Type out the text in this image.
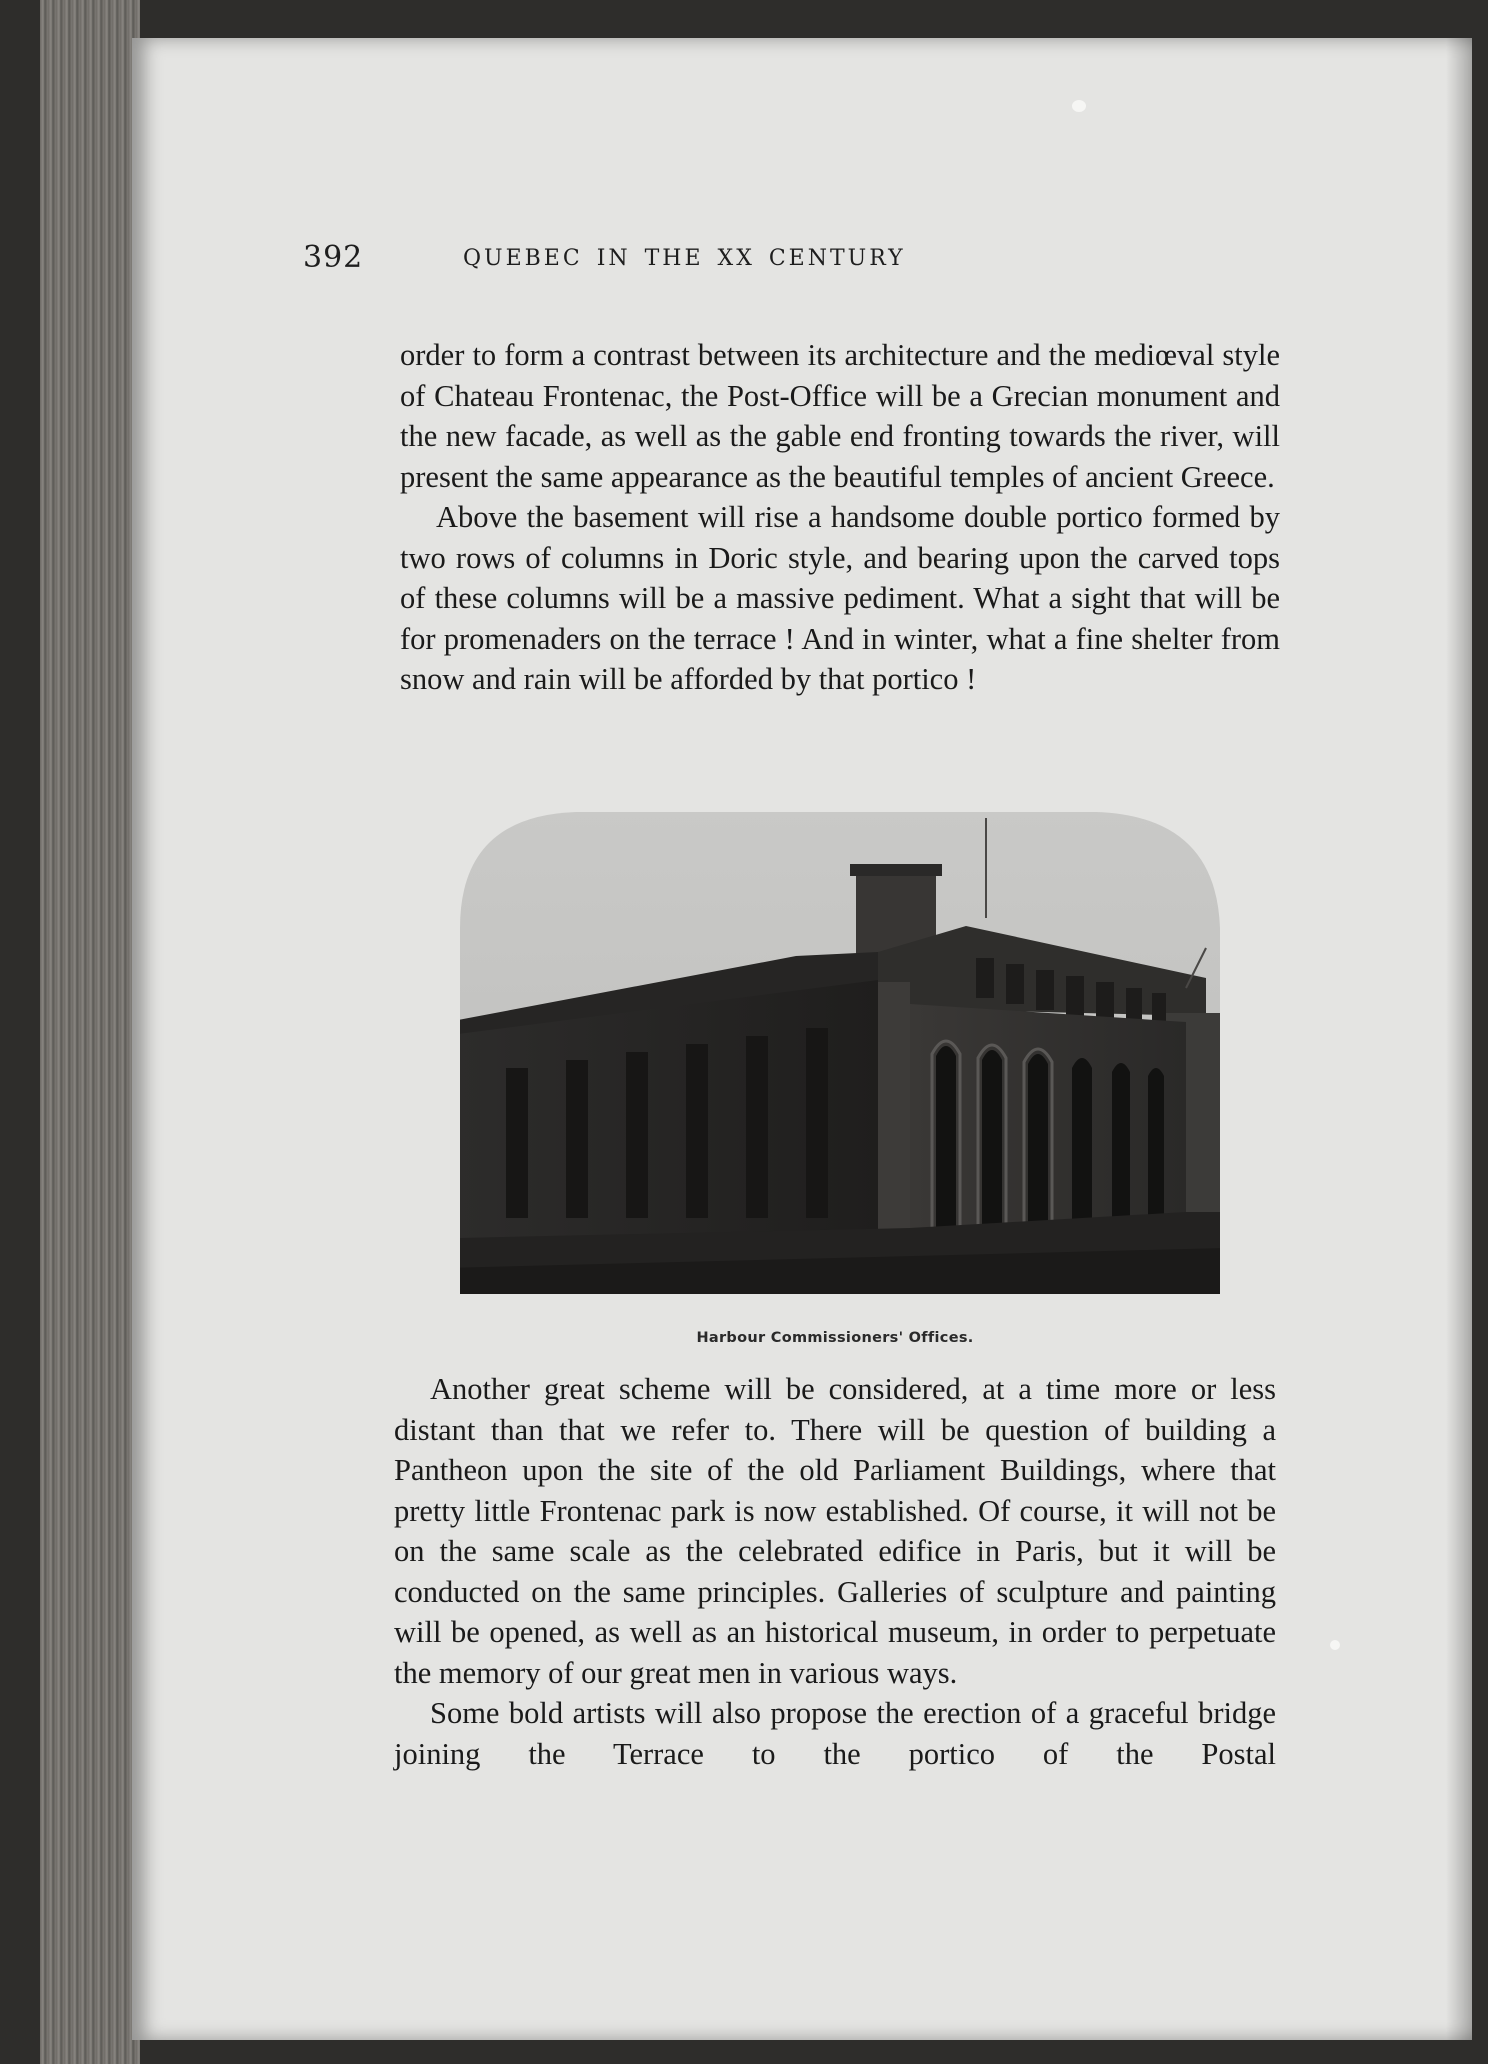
392	QUEBEC IN THE XX CENTURY

order to form a contrast between its architecture and the mediœval style of Chateau Frontenac, the Post-Office will be a Grecian monument and the new facade, as well as the gable end fronting towards the river, will present the same appearance as the beautiful temples of ancient Greece.

Above the basement will rise a handsome double portico formed by two rows of columns in Doric style, and bearing upon the carved tops of these columns will be a massive pediment. What a sight that will be for promenaders on the terrace ! And in winter, what a fine shelter from snow and rain will be afforded by that portico !

Harbour Commissioners' Offices.

Another great scheme will be considered, at a time more or less distant than that we refer to. There will be question of building a Pantheon upon the site of the old Parliament Buildings, where that pretty little Frontenac park is now established. Of course, it will not be on the same scale as the celebrated edifice in Paris, but it will be conducted on the same principles. Galleries of sculpture and painting will be opened, as well as an historical museum, in order to perpetuate the memory of our great men in various ways.

Some bold artists will also propose the erection of a graceful bridge joining the Terrace to the portico of the Postal
